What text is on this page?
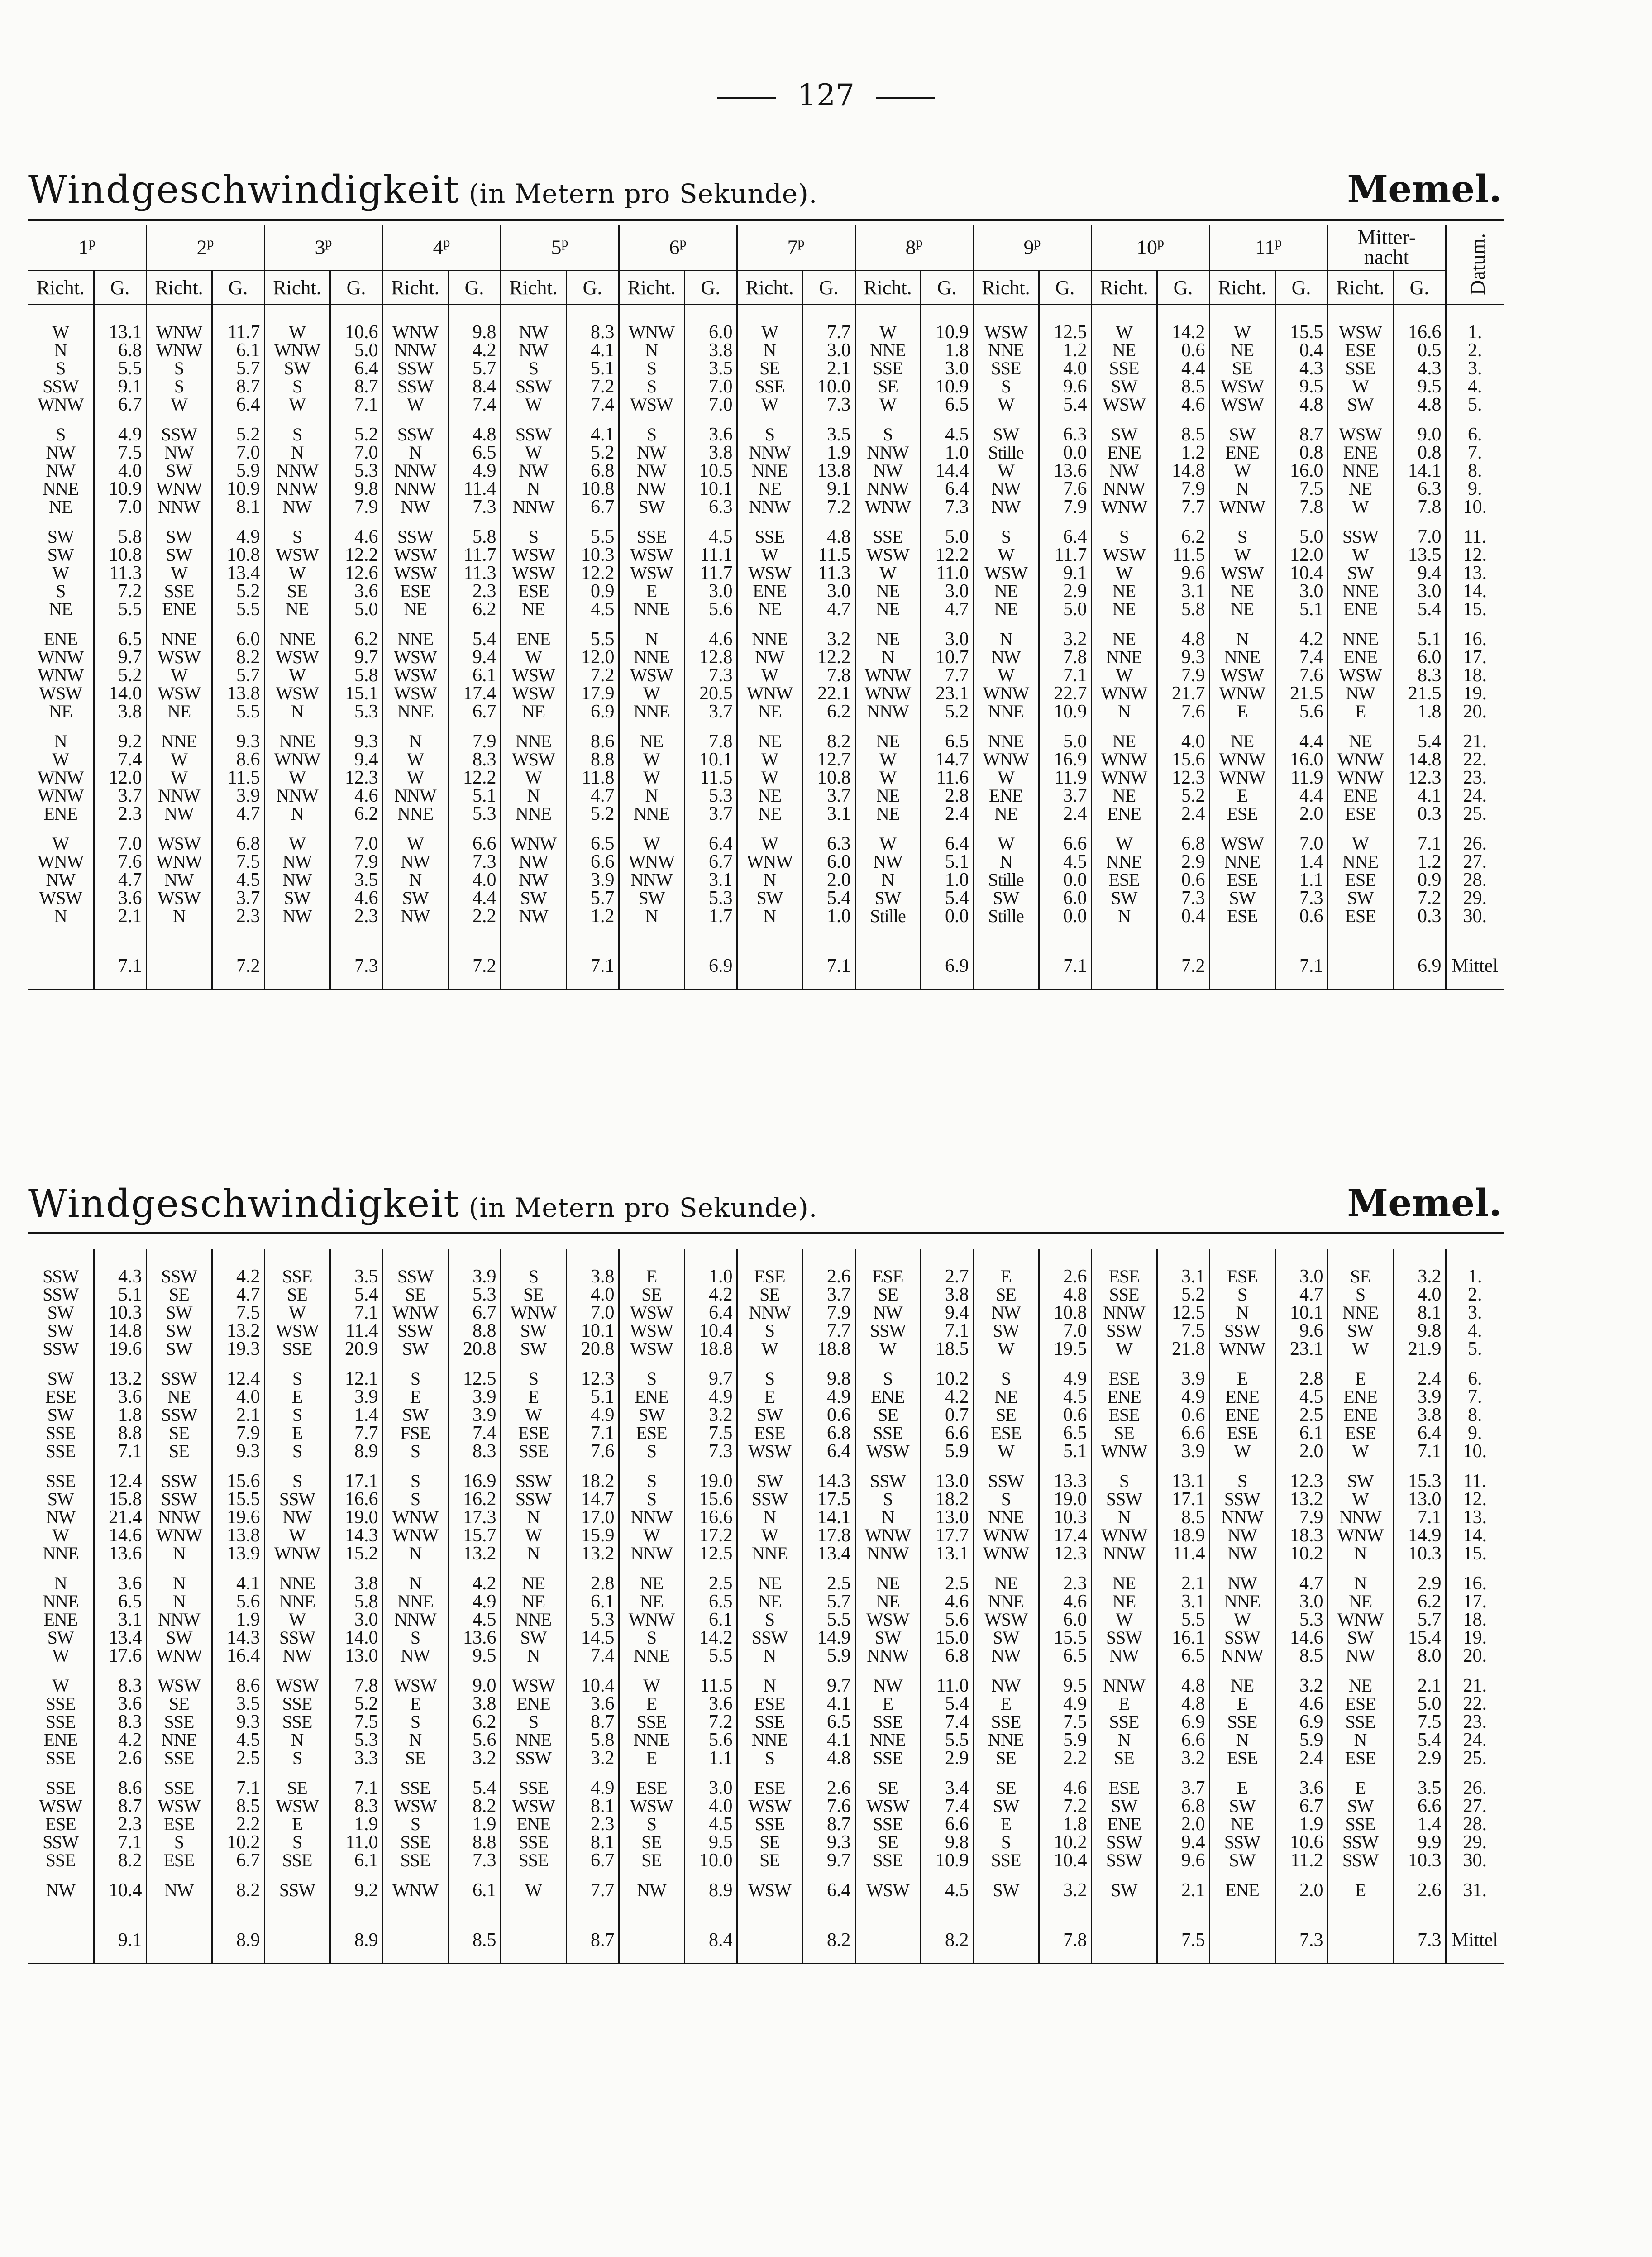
127
Windgeschwindigkeit (in Metern pro Sekunde).	Memel.
1$^p$		2$^p$		3$^p$		4$^p$		5$^p$		6$^p$		7$^p$		8$^p$		9$^p$		10$^p$		11$^p$		Mitter-
nacht		Datum.
Richt.	G.	Richt.	G.	Richt.	G.	Richt.	G.	Richt.	G.	Richt.	G.	Richt.	G.	Richt.	G.	Richt.	G.	Richt.	G.	Richt.	G.	Richt.	G.	

W	13.1	WNW	11.7	W	10.6	WNW	9.8	NW	8.3	WNW	6.0	W	7.7	W	10.9	WSW	12.5	W	14.2	W	15.5	WSW	16.6	1.
N	6.8	WNW	6.1	WNW	5.0	NNW	4.2	NW	4.1	N	3.8	N	3.0	NNE	1.8	NNE	1.2	NE	0.6	NE	0.4	ESE	0.5	2.
S	5.5	S	5.7	SW	6.4	SSW	5.7	S	5.1	S	3.5	SE	2.1	SSE	3.0	SSE	4.0	SSE	4.4	SE	4.3	SSE	4.3	3.
SSW	9.1	S	8.7	S	8.7	SSW	8.4	SSW	7.2	S	7.0	SSE	10.0	SE	10.9	S	9.6	SW	8.5	WSW	9.5	W	9.5	4.
WNW	6.7	W	6.4	W	7.1	W	7.4	W	7.4	WSW	7.0	W	7.3	W	6.5	W	5.4	WSW	4.6	WSW	4.8	SW	4.8	5.

S	4.9	SSW	5.2	S	5.2	SSW	4.8	SSW	4.1	S	3.6	S	3.5	S	4.5	SW	6.3	SW	8.5	SW	8.7	WSW	9.0	6.
NW	7.5	NW	7.0	N	7.0	N	6.5	W	5.2	NW	3.8	NNW	1.9	NNW	1.0	Stille	0.0	ENE	1.2	ENE	0.8	ENE	0.8	7.
NW	4.0	SW	5.9	NNW	5.3	NNW	4.9	NW	6.8	NW	10.5	NNE	13.8	NW	14.4	W	13.6	NW	14.8	W	16.0	NNE	14.1	8.
NNE	10.9	WNW	10.9	NNW	9.8	NNW	11.4	N	10.8	NW	10.1	NE	9.1	NNW	6.4	NW	7.6	NNW	7.9	N	7.5	NE	6.3	9.
NE	7.0	NNW	8.1	NW	7.9	NW	7.3	NNW	6.7	SW	6.3	NNW	7.2	WNW	7.3	NW	7.9	WNW	7.7	WNW	7.8	W	7.8	10.

SW	5.8	SW	4.9	S	4.6	SSW	5.8	S	5.5	SSE	4.5	SSE	4.8	SSE	5.0	S	6.4	S	6.2	S	5.0	SSW	7.0	11.
SW	10.8	SW	10.8	WSW	12.2	WSW	11.7	WSW	10.3	WSW	11.1	W	11.5	WSW	12.2	W	11.7	WSW	11.5	W	12.0	W	13.5	12.
W	11.3	W	13.4	W	12.6	WSW	11.3	WSW	12.2	WSW	11.7	WSW	11.3	W	11.0	WSW	9.1	W	9.6	WSW	10.4	SW	9.4	13.
S	7.2	SSE	5.2	SE	3.6	ESE	2.3	ESE	0.9	E	3.0	ENE	3.0	NE	3.0	NE	2.9	NE	3.1	NE	3.0	NNE	3.0	14.
NE	5.5	ENE	5.5	NE	5.0	NE	6.2	NE	4.5	NNE	5.6	NE	4.7	NE	4.7	NE	5.0	NE	5.8	NE	5.1	ENE	5.4	15.

ENE	6.5	NNE	6.0	NNE	6.2	NNE	5.4	ENE	5.5	N	4.6	NNE	3.2	NE	3.0	N	3.2	NE	4.8	N	4.2	NNE	5.1	16.
WNW	9.7	WSW	8.2	WSW	9.7	WSW	9.4	W	12.0	NNE	12.8	NW	12.2	N	10.7	NW	7.8	NNE	9.3	NNE	7.4	ENE	6.0	17.
WNW	5.2	W	5.7	W	5.8	WSW	6.1	WSW	7.2	WSW	7.3	W	7.8	WNW	7.7	W	7.1	W	7.9	WSW	7.6	WSW	8.3	18.
WSW	14.0	WSW	13.8	WSW	15.1	WSW	17.4	WSW	17.9	W	20.5	WNW	22.1	WNW	23.1	WNW	22.7	WNW	21.7	WNW	21.5	NW	21.5	19.
NE	3.8	NE	5.5	N	5.3	NNE	6.7	NE	6.9	NNE	3.7	NE	6.2	NNW	5.2	NNE	10.9	N	7.6	E	5.6	E	1.8	20.

N	9.2	NNE	9.3	NNE	9.3	N	7.9	NNE	8.6	NE	7.8	NE	8.2	NE	6.5	NNE	5.0	NE	4.0	NE	4.4	NE	5.4	21.
W	7.4	W	8.6	WNW	9.4	W	8.3	WSW	8.8	W	10.1	W	12.7	W	14.7	WNW	16.9	WNW	15.6	WNW	16.0	WNW	14.8	22.
WNW	12.0	W	11.5	W	12.3	W	12.2	W	11.8	W	11.5	W	10.8	W	11.6	W	11.9	WNW	12.3	WNW	11.9	WNW	12.3	23.
WNW	3.7	NNW	3.9	NNW	4.6	NNW	5.1	N	4.7	N	5.3	NE	3.7	NE	2.8	ENE	3.7	NE	5.2	E	4.4	ENE	4.1	24.
ENE	2.3	NW	4.7	N	6.2	NNE	5.3	NNE	5.2	NNE	3.7	NE	3.1	NE	2.4	NE	2.4	ENE	2.4	ESE	2.0	ESE	0.3	25.

W	7.0	WSW	6.8	W	7.0	W	6.6	WNW	6.5	W	6.4	W	6.3	W	6.4	W	6.6	W	6.8	WSW	7.0	W	7.1	26.
WNW	7.6	WNW	7.5	NW	7.9	NW	7.3	NW	6.6	WNW	6.7	WNW	6.0	NW	5.1	N	4.5	NNE	2.9	NNE	1.4	NNE	1.2	27.
NW	4.7	NW	4.5	NW	3.5	N	4.0	NW	3.9	NNW	3.1	N	2.0	N	1.0	Stille	0.0	ESE	0.6	ESE	1.1	ESE	0.9	28.
WSW	3.6	WSW	3.7	SW	4.6	SW	4.4	SW	5.7	SW	5.3	SW	5.4	SW	5.4	SW	6.0	SW	7.3	SW	7.3	SW	7.2	29.
N	2.1	N	2.3	NW	2.3	NW	2.2	NW	1.2	N	1.7	N	1.0	Stille	0.0	Stille	0.0	N	0.4	ESE	0.6	ESE	0.3	30.

	7.1		7.2		7.3		7.2		7.1		6.9		7.1		6.9		7.1		7.2		7.1		6.9	Mittel
Windgeschwindigkeit (in Metern pro Sekunde).	Memel.

SSW	4.3	SSW	4.2	SSE	3.5	SSW	3.9	S	3.8	E	1.0	ESE	2.6	ESE	2.7	E	2.6	ESE	3.1	ESE	3.0	SE	3.2	1.
SSW	5.1	SE	4.7	SE	5.4	SE	5.3	SE	4.0	SE	4.2	SE	3.7	SE	3.8	SE	4.8	SSE	5.2	S	4.7	S	4.0	2.
SW	10.3	SW	7.5	W	7.1	WNW	6.7	WNW	7.0	WSW	6.4	NNW	7.9	NW	9.4	NW	10.8	NNW	12.5	N	10.1	NNE	8.1	3.
SW	14.8	SW	13.2	WSW	11.4	SSW	8.8	SW	10.1	WSW	10.4	S	7.7	SSW	7.1	SW	7.0	SSW	7.5	SSW	9.6	SW	9.8	4.
SSW	19.6	SW	19.3	SSE	20.9	SW	20.8	SW	20.8	WSW	18.8	W	18.8	W	18.5	W	19.5	W	21.8	WNW	23.1	W	21.9	5.

SW	13.2	SSW	12.4	S	12.1	S	12.5	S	12.3	S	9.7	S	9.8	S	10.2	S	4.9	ESE	3.9	E	2.8	E	2.4	6.
ESE	3.6	NE	4.0	E	3.9	E	3.9	E	5.1	ENE	4.9	E	4.9	ENE	4.2	NE	4.5	ENE	4.9	ENE	4.5	ENE	3.9	7.
SW	1.8	SSW	2.1	S	1.4	SW	3.9	W	4.9	SW	3.2	SW	0.6	SE	0.7	SE	0.6	ESE	0.6	ENE	2.5	ENE	3.8	8.
SSE	8.8	SE	7.9	E	7.7	FSE	7.4	ESE	7.1	ESE	7.5	ESE	6.8	SSE	6.6	ESE	6.5	SE	6.6	ESE	6.1	ESE	6.4	9.
SSE	7.1	SE	9.3	S	8.9	S	8.3	SSE	7.6	S	7.3	WSW	6.4	WSW	5.9	W	5.1	WNW	3.9	W	2.0	W	7.1	10.

SSE	12.4	SSW	15.6	S	17.1	S	16.9	SSW	18.2	S	19.0	SW	14.3	SSW	13.0	SSW	13.3	S	13.1	S	12.3	SW	15.3	11.
SW	15.8	SSW	15.5	SSW	16.6	S	16.2	SSW	14.7	S	15.6	SSW	17.5	S	18.2	S	19.0	SSW	17.1	SSW	13.2	W	13.0	12.
NW	21.4	NNW	19.6	NW	19.0	WNW	17.3	N	17.0	NNW	16.6	N	14.1	N	13.0	NNE	10.3	N	8.5	NNW	7.9	NNW	7.1	13.
W	14.6	WNW	13.8	W	14.3	WNW	15.7	W	15.9	W	17.2	W	17.8	WNW	17.7	WNW	17.4	WNW	18.9	NW	18.3	WNW	14.9	14.
NNE	13.6	N	13.9	WNW	15.2	N	13.2	N	13.2	NNW	12.5	NNE	13.4	NNW	13.1	WNW	12.3	NNW	11.4	NW	10.2	N	10.3	15.

N	3.6	N	4.1	NNE	3.8	N	4.2	NE	2.8	NE	2.5	NE	2.5	NE	2.5	NE	2.3	NE	2.1	NW	4.7	N	2.9	16.
NNE	6.5	N	5.6	NNE	5.8	NNE	4.9	NE	6.1	NE	6.5	NE	5.7	NE	4.6	NNE	4.6	NE	3.1	NNE	3.0	NE	6.2	17.
ENE	3.1	NNW	1.9	W	3.0	NNW	4.5	NNE	5.3	WNW	6.1	S	5.5	WSW	5.6	WSW	6.0	W	5.5	W	5.3	WNW	5.7	18.
SW	13.4	SW	14.3	SSW	14.0	S	13.6	SW	14.5	S	14.2	SSW	14.9	SW	15.0	SW	15.5	SSW	16.1	SSW	14.6	SW	15.4	19.
W	17.6	WNW	16.4	NW	13.0	NW	9.5	N	7.4	NNE	5.5	N	5.9	NNW	6.8	NW	6.5	NW	6.5	NNW	8.5	NW	8.0	20.

W	8.3	WSW	8.6	WSW	7.8	WSW	9.0	WSW	10.4	W	11.5	N	9.7	NW	11.0	NW	9.5	NNW	4.8	NE	3.2	NE	2.1	21.
SSE	3.6	SE	3.5	SSE	5.2	E	3.8	ENE	3.6	E	3.6	ESE	4.1	E	5.4	E	4.9	E	4.8	E	4.6	ESE	5.0	22.
SSE	8.3	SSE	9.3	SSE	7.5	S	6.2	S	8.7	SSE	7.2	SSE	6.5	SSE	7.4	SSE	7.5	SSE	6.9	SSE	6.9	SSE	7.5	23.
ENE	4.2	NNE	4.5	N	5.3	N	5.6	NNE	5.8	NNE	5.6	NNE	4.1	NNE	5.5	NNE	5.9	N	6.6	N	5.9	N	5.4	24.
SSE	2.6	SSE	2.5	S	3.3	SE	3.2	SSW	3.2	E	1.1	S	4.8	SSE	2.9	SE	2.2	SE	3.2	ESE	2.4	ESE	2.9	25.

SSE	8.6	SSE	7.1	SE	7.1	SSE	5.4	SSE	4.9	ESE	3.0	ESE	2.6	SE	3.4	SE	4.6	ESE	3.7	E	3.6	E	3.5	26.
WSW	8.7	WSW	8.5	WSW	8.3	WSW	8.2	WSW	8.1	WSW	4.0	WSW	7.6	WSW	7.4	SW	7.2	SW	6.8	SW	6.7	SW	6.6	27.
ESE	2.3	ESE	2.2	E	1.9	S	1.9	ENE	2.3	S	4.5	SSE	8.7	SSE	6.6	E	1.8	ENE	2.0	NE	1.9	SSE	1.4	28.
SSW	7.1	S	10.2	S	11.0	SSE	8.8	SSE	8.1	SE	9.5	SE	9.3	SE	9.8	S	10.2	SSW	9.4	SSW	10.6	SSW	9.9	29.
SSE	8.2	ESE	6.7	SSE	6.1	SSE	7.3	SSE	6.7	SE	10.0	SE	9.7	SSE	10.9	SSE	10.4	SSW	9.6	SW	11.2	SSW	10.3	30.

NW	10.4	NW	8.2	SSW	9.2	WNW	6.1	W	7.7	NW	8.9	WSW	6.4	WSW	4.5	SW	3.2	SW	2.1	ENE	2.0	E	2.6	31.

	9.1		8.9		8.9		8.5		8.7		8.4		8.2		8.2		7.8		7.5		7.3		7.3	Mittel
